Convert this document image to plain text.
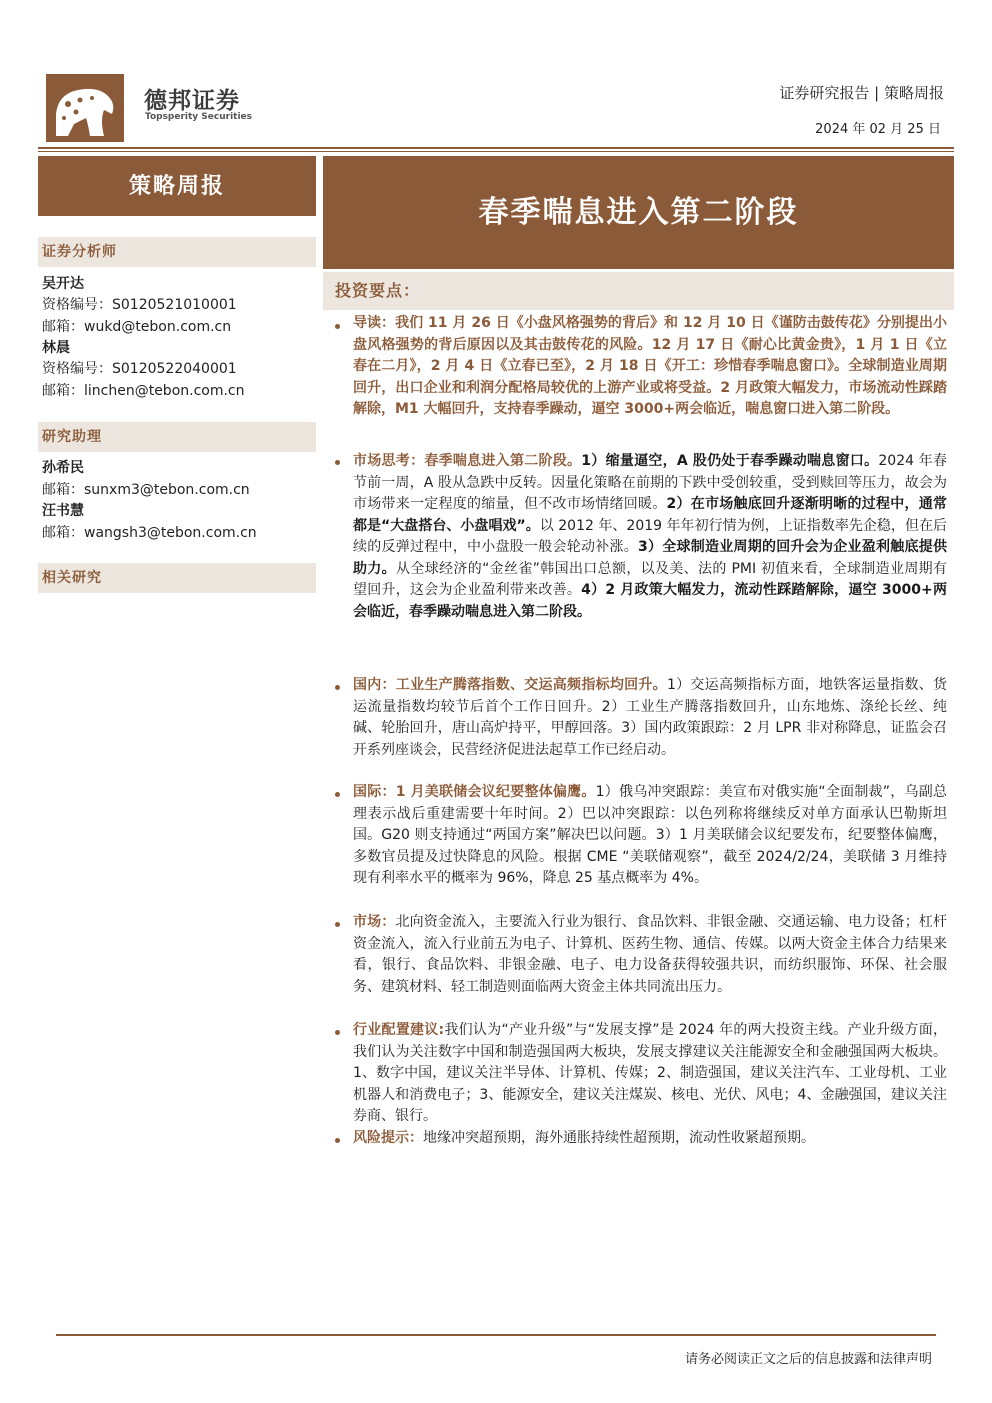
德邦证券
Topsperity Securities
证券研究报告 | 策略周报
2024 年 02 月 25 日
策略周报
证券分析师
吴开达
资格编号：S0120521010001
邮箱：wukd@tebon.com.cn
林晨
资格编号：S0120522040001
邮箱：linchen@tebon.com.cn
研究助理
孙希民
邮箱：sunxm3@tebon.com.cn
汪书慧
邮箱：wangsh3@tebon.com.cn
相关研究
春季喘息进入第二阶段
投资要点：

导读：我们 11 月 26 日《小盘风格强势的背后》和 12 月 10 日《谨防击鼓传花》分别提出小盘风格强势的背后原因以及其击鼓传花的风险。12 月 17 日《耐心比黄金贵》，1 月 1 日《立春在二月》，2 月 4 日《立春已至》，2 月 18 日《开工：珍惜春季喘息窗口》。全球制造业周期回升，出口企业和利润分配格局较优的上游产业或将受益。2 月政策大幅发力，市场流动性踩踏解除，M1 大幅回升，支持春季躁动，逼空 3000+两会临近，喘息窗口进入第二阶段。

市场思考：春季喘息进入第二阶段。1）缩量逼空，A 股仍处于春季躁动喘息窗口。2024 年春节前一周，A 股从急跌中反转。因量化策略在前期的下跌中受创较重，受到赎回等压力，故会为市场带来一定程度的缩量，但不改市场情绪回暖。2）在市场触底回升逐渐明晰的过程中，通常都是“大盘搭台、小盘唱戏”。以 2012 年、2019 年年初行情为例，上证指数率先企稳，但在后续的反弹过程中，中小盘股一般会轮动补涨。3）全球制造业周期的回升会为企业盈利触底提供助力。从全球经济的“金丝雀”韩国出口总额，以及美、法的 PMI 初值来看，全球制造业周期有望回升，这会为企业盈利带来改善。4）2 月政策大幅发力，流动性踩踏解除，逼空 3000+两会临近，春季躁动喘息进入第二阶段。

国内：工业生产腾落指数、交运高频指标均回升。1）交运高频指标方面，地铁客运量指数、货运流量指数均较节后首个工作日回升。2）工业生产腾落指数回升，山东地炼、涤纶长丝、纯碱、轮胎回升，唐山高炉持平，甲醇回落。3）国内政策跟踪：2 月 LPR 非对称降息，证监会召开系列座谈会，民营经济促进法起草工作已经启动。

国际：1 月美联储会议纪要整体偏鹰。1）俄乌冲突跟踪：美宣布对俄实施“全面制裁”，乌副总理表示战后重建需要十年时间。2）巴以冲突跟踪：以色列称将继续反对单方面承认巴勒斯坦国。G20 则支持通过“两国方案”解决巴以问题。3）1 月美联储会议纪要发布，纪要整体偏鹰，多数官员提及过快降息的风险。根据 CME “美联储观察”，截至 2024/2/24，美联储 3 月维持现有利率水平的概率为 96%，降息 25 基点概率为 4%。

市场：北向资金流入，主要流入行业为银行、食品饮料、非银金融、交通运输、电力设备；杠杆资金流入，流入行业前五为电子、计算机、医药生物、通信、传媒。以两大资金主体合力结果来看，银行、食品饮料、非银金融、电子、电力设备获得较强共识，而纺织服饰、环保、社会服务、建筑材料、轻工制造则面临两大资金主体共同流出压力。

行业配置建议:我们认为“产业升级”与“发展支撑”是 2024 年的两大投资主线。产业升级方面，我们认为关注数字中国和制造强国两大板块，发展支撑建议关注能源安全和金融强国两大板块。1、数字中国，建议关注半导体、计算机、传媒；2、制造强国，建议关注汽车、工业母机、工业机器人和消费电子；3、能源安全，建议关注煤炭、核电、光伏、风电；4、金融强国，建议关注券商、银行。

风险提示：地缘冲突超预期，海外通胀持续性超预期，流动性收紧超预期。

请务必阅读正文之后的信息披露和法律声明
